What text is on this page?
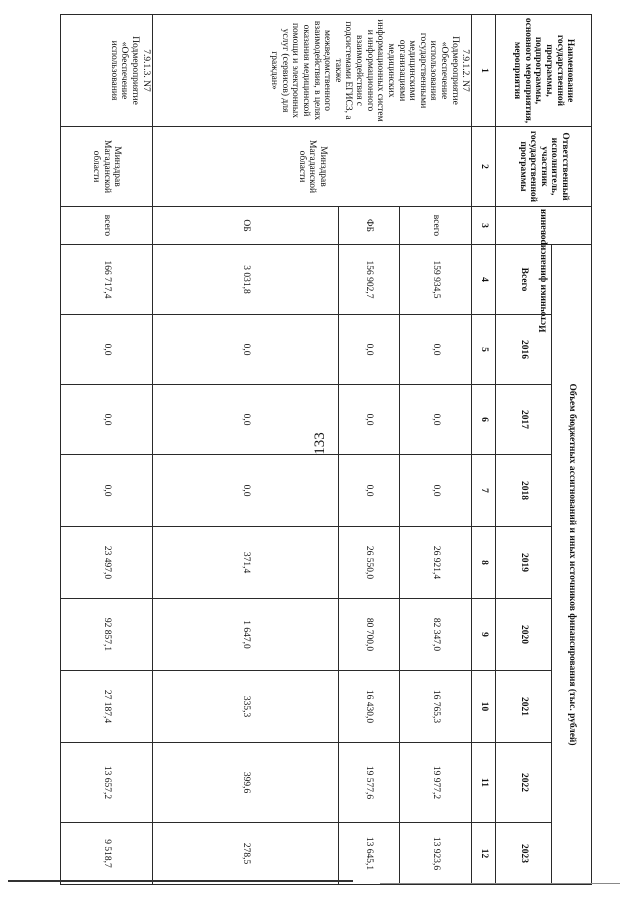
133
Наименование государственной программы, подпрограммы, основного мероприятия, мероприятия	Ответственный исполнитель, участник государственной программы	Источники финансирования	Объем бюджетных ассигнований и иных источников финансирования (тыс. рублей)								
			Всего	2016	2017	2018	2019	2020	2021	2022	2023
1	2	3	4	5	6	7	8	9	10	11	12
7.9.1.2. N7 Подмероприятие «Обеспечение использования государственными медицинскими организациями медицинских информационных систем и информационного взаимодействия с подсистемами ЕГИСЗ, а также межведомственного взаимодействия, в целях оказания медицинской помощи и электронных услуг (сервисов) для граждан»	Минздрав Магаданской области	всего	159 934,5	0,0	0,0	0,0	26 921,4	82 347,0	16 765,3	19 977,2	13 923,6
		ФБ	156 902,7	0,0	0,0	0,0	26 550,0	80 700,0	16 430,0	19 577,6	13 645,1
		ОБ	3 031,8	0,0	0,0	0,0	371,4	1 647,0	335,3	399,6	278,5
7.9.1.3. N7 Подмероприятие «Обеспечение использования	Минздрав Магаданской области	всего	166 717,4	0,0	0,0	0,0	23 497,0	92 857,1	27 187,4	13 657,2	9 518,7
